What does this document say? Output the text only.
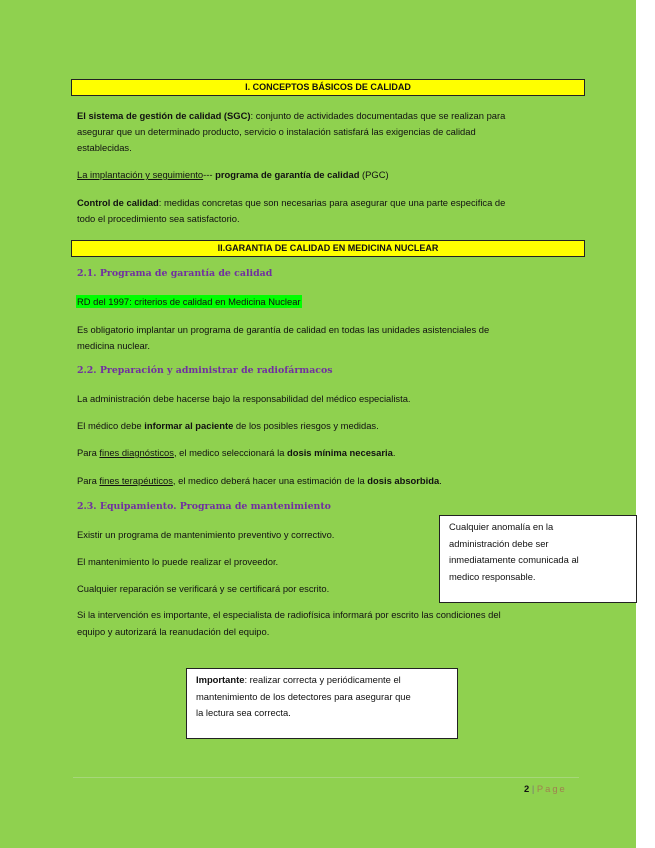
I. CONCEPTOS BÁSICOS DE CALIDAD
El sistema de gestión de calidad (SGC): conjunto de actividades documentadas que se realizan para
asegurar que un determinado producto, servicio o instalación satisfará las exigencias de calidad
establecidas.
La implantación y seguimiento--- programa de garantía de calidad (PGC)
Control de calidad: medidas concretas que son necesarias para asegurar que una parte especifica de
todo el procedimiento sea satisfactorio.
II.GARANTIA DE CALIDAD EN MEDICINA NUCLEAR
2.1. Programa de garantía de calidad
RD del 1997: criterios de calidad en Medicina Nuclear
Es obligatorio implantar un programa de garantía de calidad en todas las unidades asistenciales de
medicina nuclear.
2.2. Preparación y administrar de radiofármacos
La administración debe hacerse bajo la responsabilidad del médico especialista.
El médico debe informar al paciente de los posibles riesgos y medidas.
Para fines diagnósticos, el medico seleccionará la dosis mínima necesaria.
Para fines terapéuticos, el medico deberá hacer una estimación de la dosis absorbida.
2.3. Equipamiento. Programa de mantenimiento
Existir un programa de mantenimiento preventivo y correctivo.
El mantenimiento lo puede realizar el proveedor.
Cualquier reparación se verificará y se certificará por escrito.
Si la intervención es importante, el especialista de radiofísica informará por escrito las condiciones del
equipo y autorizará la reanudación del equipo.
Cualquier anomalía en la
administración debe ser
inmediatamente comunicada al
medico responsable.
Importante: realizar correcta y periódicamente el
mantenimiento de los detectores para asegurar que
la lectura sea correcta.
2 | Page
